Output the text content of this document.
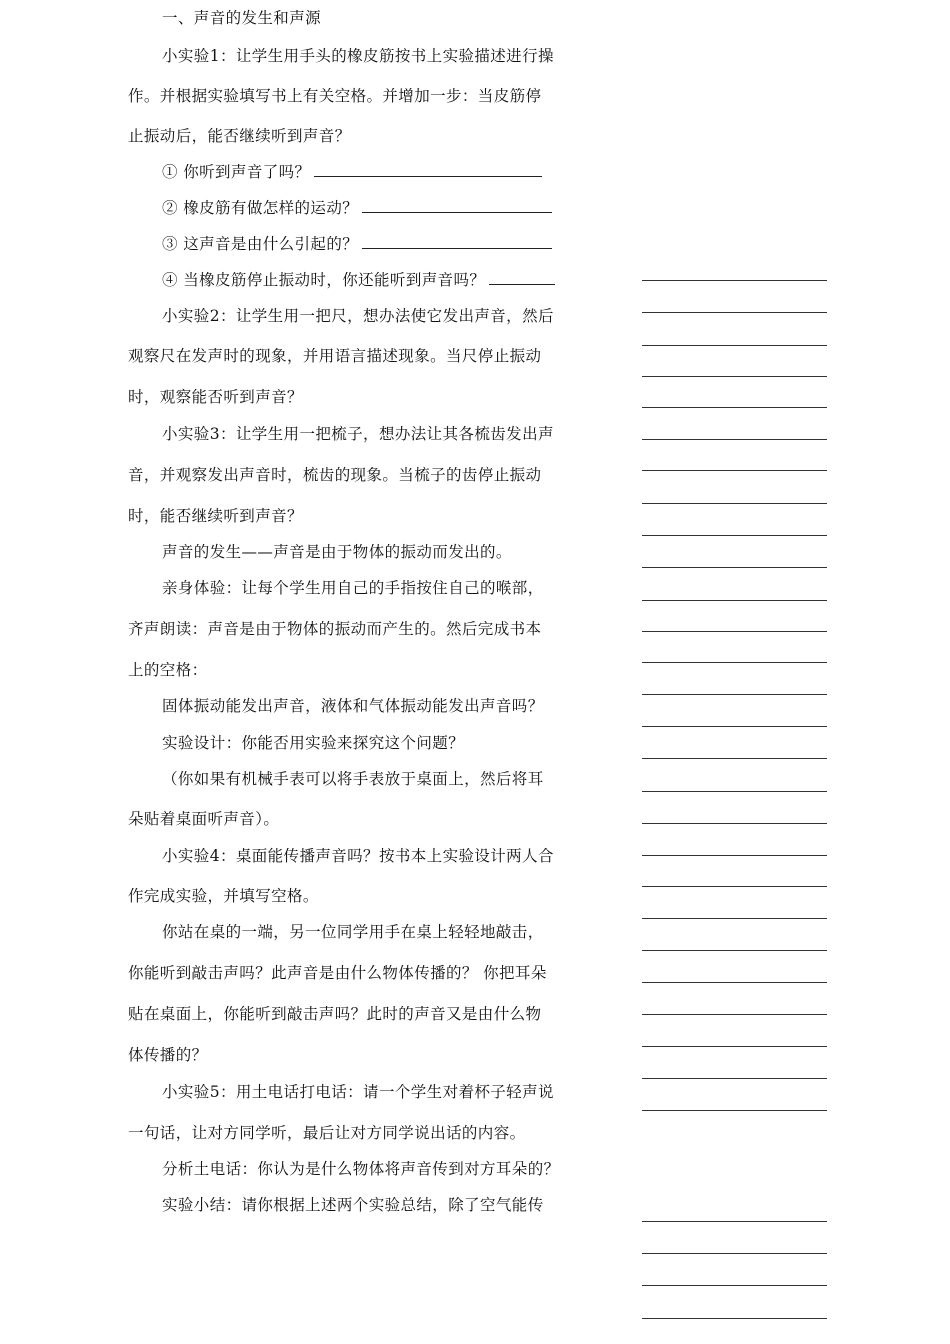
一、声音的发生和声源
小实验1：让学生用手头的橡皮筋按书上实验描述进行操
作。并根据实验填写书上有关空格。并增加一步：当皮筋停
止振动后，能否继续听到声音？
① 你听到声音了吗？
② 橡皮筋有做怎样的运动？
③ 这声音是由什么引起的？
④ 当橡皮筋停止振动时，你还能听到声音吗？
小实验2：让学生用一把尺，想办法使它发出声音，然后
观察尺在发声时的现象，并用语言描述现象。当尺停止振动
时，观察能否听到声音？
小实验3：让学生用一把梳子，想办法让其各梳齿发出声
音，并观察发出声音时，梳齿的现象。当梳子的齿停止振动
时，能否继续听到声音？
声音的发生——声音是由于物体的振动而发出的。
亲身体验：让每个学生用自己的手指按住自己的喉部，
齐声朗读：声音是由于物体的振动而产生的。然后完成书本
上的空格：
固体振动能发出声音，液体和气体振动能发出声音吗？
实验设计：你能否用实验来探究这个问题？
（你如果有机械手表可以将手表放于桌面上，然后将耳
朵贴着桌面听声音）。
小实验4：桌面能传播声音吗？按书本上实验设计两人合
作完成实验，并填写空格。
你站在桌的一端，另一位同学用手在桌上轻轻地敲击，
你能听到敲击声吗？此声音是由什么物体传播的？ 你把耳朵
贴在桌面上，你能听到敲击声吗？此时的声音又是由什么物
体传播的？
小实验5：用土电话打电话：请一个学生对着杯子轻声说
一句话，让对方同学听，最后让对方同学说出话的内容。
分析土电话：你认为是什么物体将声音传到对方耳朵的？
实验小结：请你根据上述两个实验总结，除了空气能传
